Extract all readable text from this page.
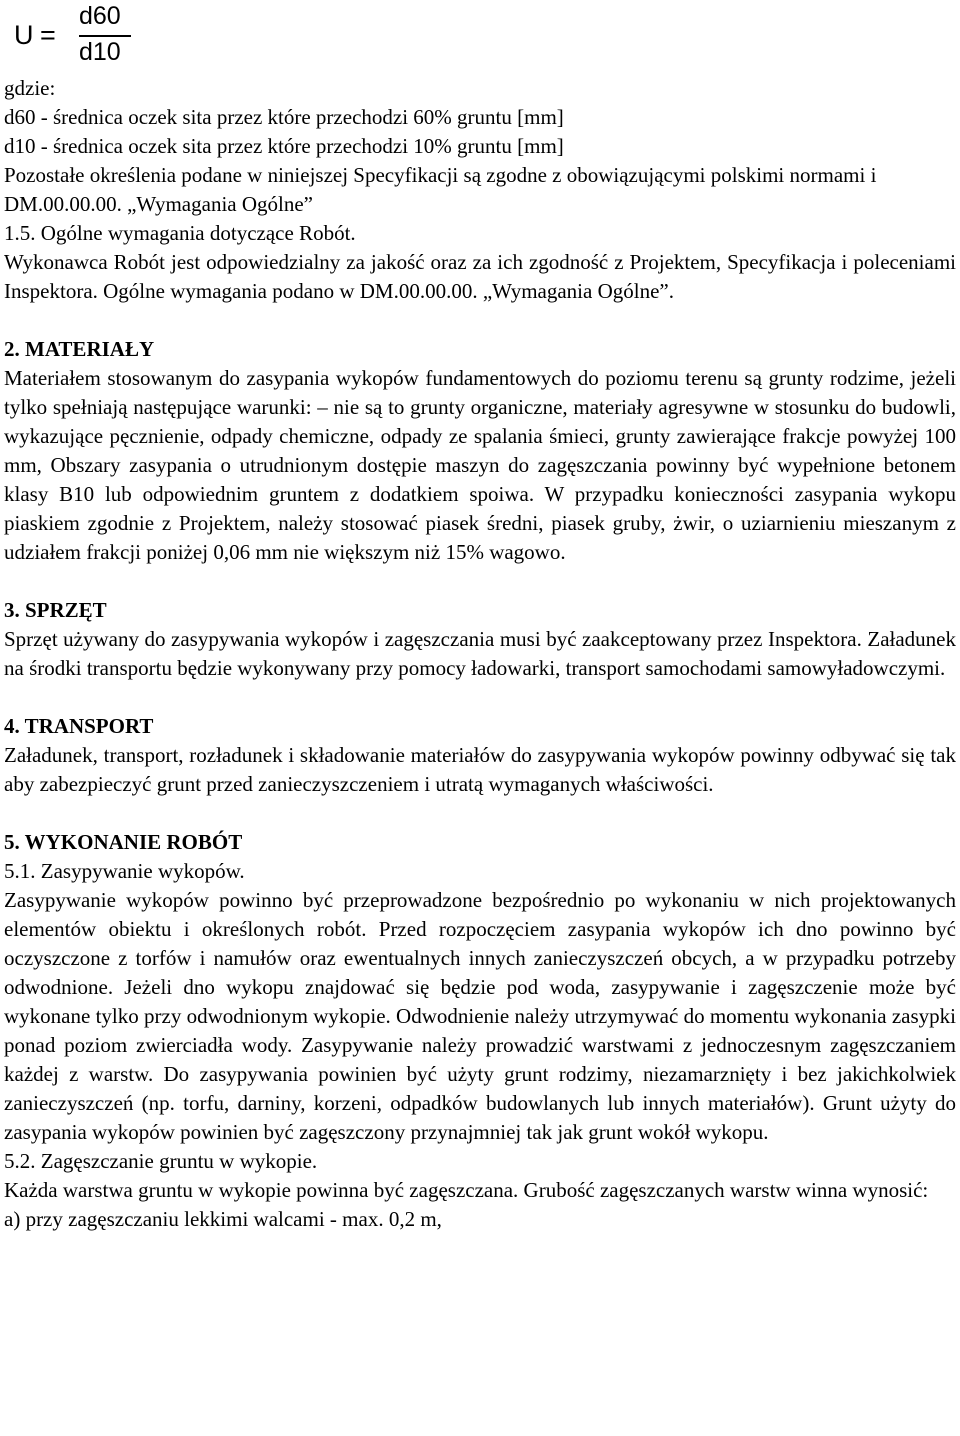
U =
d60
d10

gdzie:

d60 - średnica oczek sita przez które przechodzi 60% gruntu [mm]

d10 - średnica oczek sita przez które przechodzi 10% gruntu [mm]

Pozostałe określenia podane w niniejszej Specyfikacji są zgodne z obowiązującymi polskimi normami i DM.00.00.00. „Wymagania Ogólne”

1.5. Ogólne wymagania dotyczące Robót.

Wykonawca Robót jest odpowiedzialny za jakość oraz za ich zgodność z Projektem, Specyfikacja i poleceniami Inspektora. Ogólne wymagania podano w DM.00.00.00. „Wymagania Ogólne”.

2. MATERIAŁY

Materiałem stosowanym do zasypania wykopów fundamentowych do poziomu terenu są grunty rodzime, jeżeli tylko spełniają następujące warunki: – nie są to grunty organiczne, materiały agresywne w stosunku do budowli, wykazujące pęcznienie, odpady chemiczne, odpady ze spalania śmieci, grunty zawierające frakcje powyżej 100 mm, Obszary zasypania o utrudnionym dostępie maszyn do zagęszczania powinny być wypełnione betonem klasy B10 lub odpowiednim gruntem z dodatkiem spoiwa. W przypadku konieczności zasypania wykopu piaskiem zgodnie z Projektem, należy stosować piasek średni, piasek gruby, żwir, o uziarnieniu mieszanym z udziałem frakcji poniżej 0,06 mm nie większym niż 15% wagowo.

3. SPRZĘT

Sprzęt używany do zasypywania wykopów i zagęszczania musi być zaakceptowany przez Inspektora. Załadunek na środki transportu będzie wykonywany przy pomocy ładowarki, transport samochodami samowyładowczymi.

4. TRANSPORT

Załadunek, transport, rozładunek i składowanie materiałów do zasypywania wykopów powinny odbywać się tak aby zabezpieczyć grunt przed zanieczyszczeniem i utratą wymaganych właściwości.

5. WYKONANIE ROBÓT

5.1. Zasypywanie wykopów.

Zasypywanie wykopów powinno być przeprowadzone bezpośrednio po wykonaniu w nich projektowanych elementów obiektu i określonych robót. Przed rozpoczęciem zasypania wykopów ich dno powinno być oczyszczone z torfów i namułów oraz ewentualnych innych zanieczyszczeń obcych, a w przypadku potrzeby odwodnione. Jeżeli dno wykopu znajdować się będzie pod woda, zasypywanie i zagęszczenie może być wykonane tylko przy odwodnionym wykopie. Odwodnienie należy utrzymywać do momentu wykonania zasypki ponad poziom zwierciadła wody. Zasypywanie należy prowadzić warstwami z jednoczesnym zagęszczaniem każdej z warstw. Do zasypywania powinien być użyty grunt rodzimy, niezamarznięty i bez jakichkolwiek zanieczyszczeń (np. torfu, darniny, korzeni, odpadków budowlanych lub innych materiałów). Grunt użyty do zasypania wykopów powinien być zagęszczony przynajmniej tak jak grunt wokół wykopu.

5.2. Zagęszczanie gruntu w wykopie.

Każda warstwa gruntu w wykopie powinna być zagęszczana. Grubość zagęszczanych warstw winna wynosić:

a) przy zagęszczaniu lekkimi walcami - max. 0,2 m,
